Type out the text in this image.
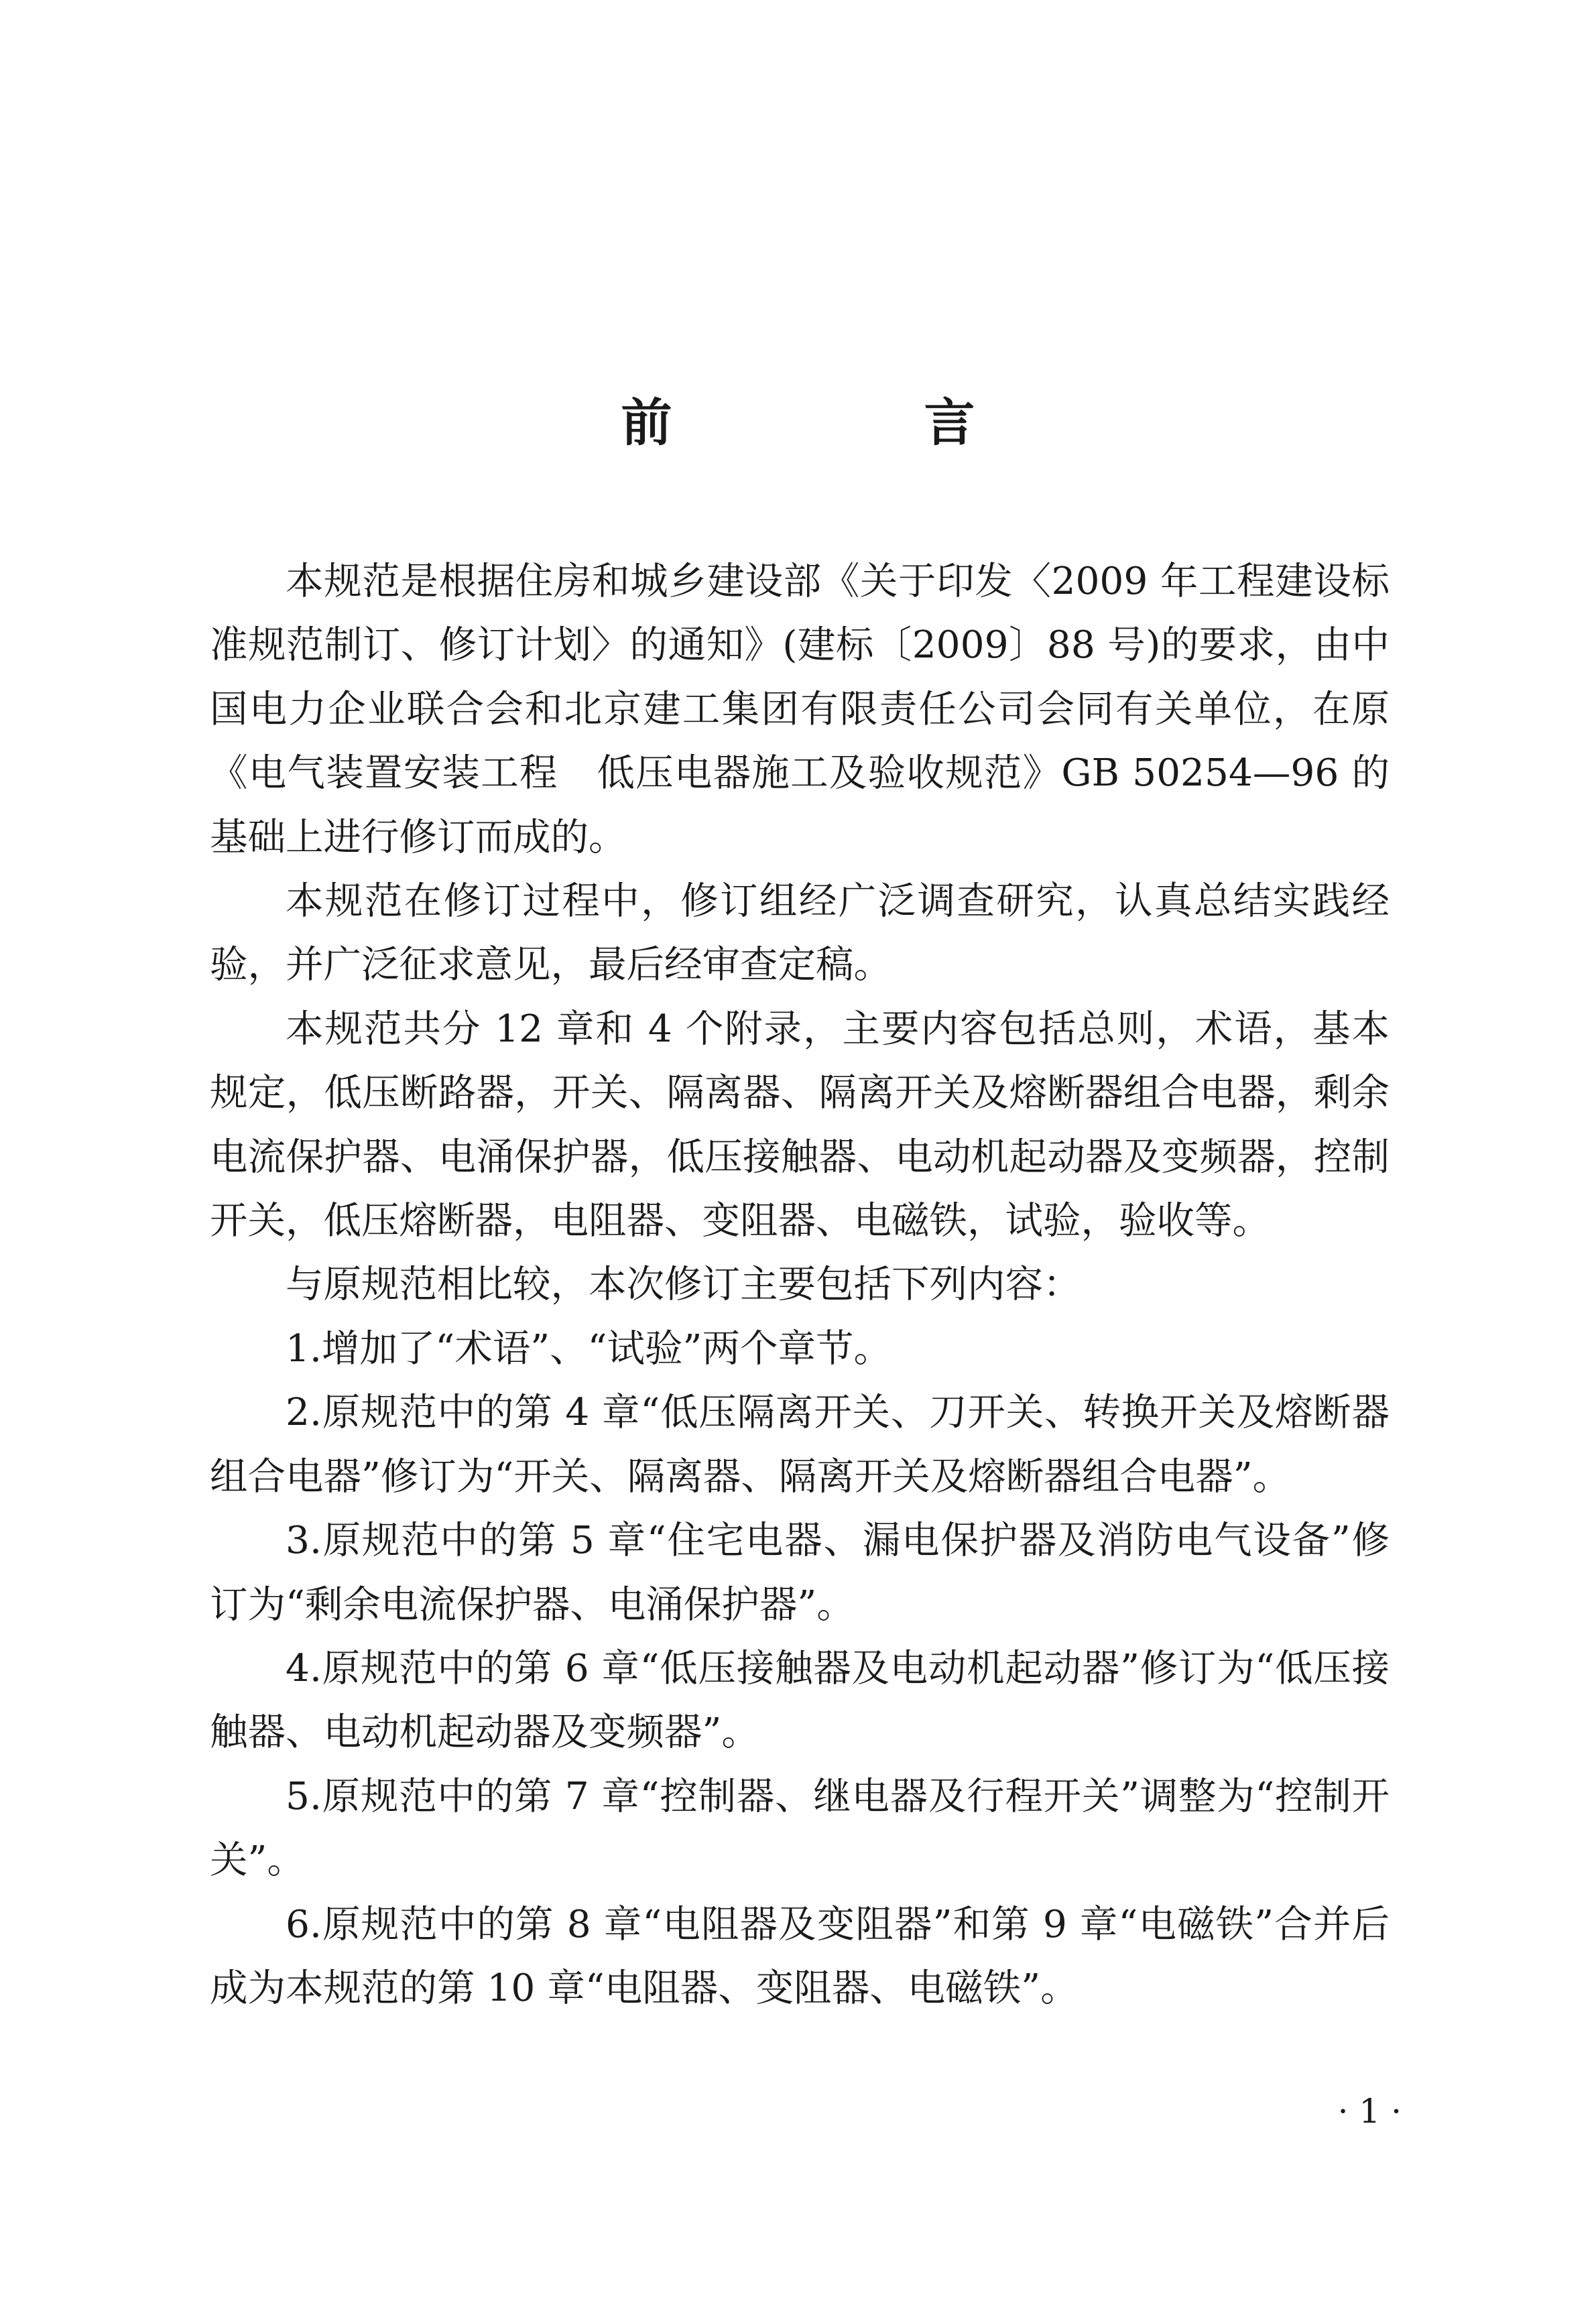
前　言

本规范是根据住房和城乡建设部《关于印发〈2009 年工程建设标准规范制订、修订计划〉的通知》(建标〔2009〕88 号)的要求，由中国电力企业联合会和北京建工集团有限责任公司会同有关单位，在原《电气装置安装工程　低压电器施工及验收规范》GB 50254—96 的基础上进行修订而成的。

本规范在修订过程中，修订组经广泛调查研究，认真总结实践经验，并广泛征求意见，最后经审查定稿。

本规范共分 12 章和 4 个附录，主要内容包括总则，术语，基本规定，低压断路器，开关、隔离器、隔离开关及熔断器组合电器，剩余电流保护器、电涌保护器，低压接触器、电动机起动器及变频器，控制开关，低压熔断器，电阻器、变阻器、电磁铁，试验，验收等。

与原规范相比较，本次修订主要包括下列内容：

1.增加了“术语”、“试验”两个章节。

2.原规范中的第 4 章“低压隔离开关、刀开关、转换开关及熔断器组合电器”修订为“开关、隔离器、隔离开关及熔断器组合电器”。

3.原规范中的第 5 章“住宅电器、漏电保护器及消防电气设备”修订为“剩余电流保护器、电涌保护器”。

4.原规范中的第 6 章“低压接触器及电动机起动器”修订为“低压接触器、电动机起动器及变频器”。

5.原规范中的第 7 章“控制器、继电器及行程开关”调整为“控制开关”。

6.原规范中的第 8 章“电阻器及变阻器”和第 9 章“电磁铁”合并后成为本规范的第 10 章“电阻器、变阻器、电磁铁”。

· 1 ·
